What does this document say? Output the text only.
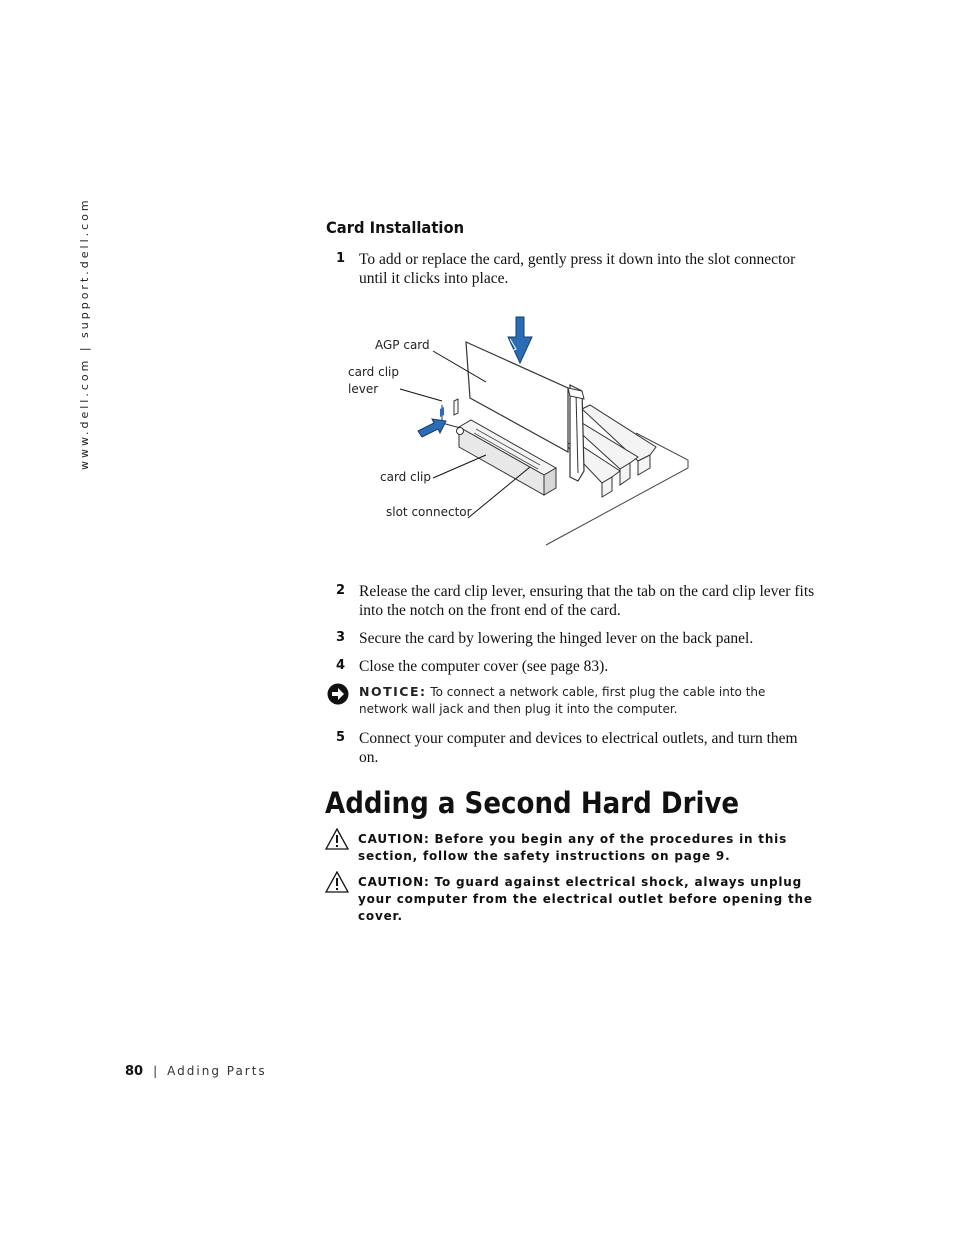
www.dell.com | support.dell.com	Card Installation
1 To add or replace the card, gently press it down into the slot connector until it clicks into place.
AGP card
card clip
lever
card clip
slot connector
2 Release the card clip lever, ensuring that the tab on the card clip lever fits into the notch on the front end of the card.
3 Secure the card by lowering the hinged lever on the back panel.
4 Close the computer cover (see page 83).
NOTICE: To connect a network cable, first plug the cable into the network wall jack and then plug it into the computer.
5 Connect your computer and devices to electrical outlets, and turn them on.
Adding a Second Hard Drive
CAUTION: Before you begin any of the procedures in this section, follow the safety instructions on page 9.
CAUTION: To guard against electrical shock, always unplug your computer from the electrical outlet before opening the cover.
80 | Adding Parts
